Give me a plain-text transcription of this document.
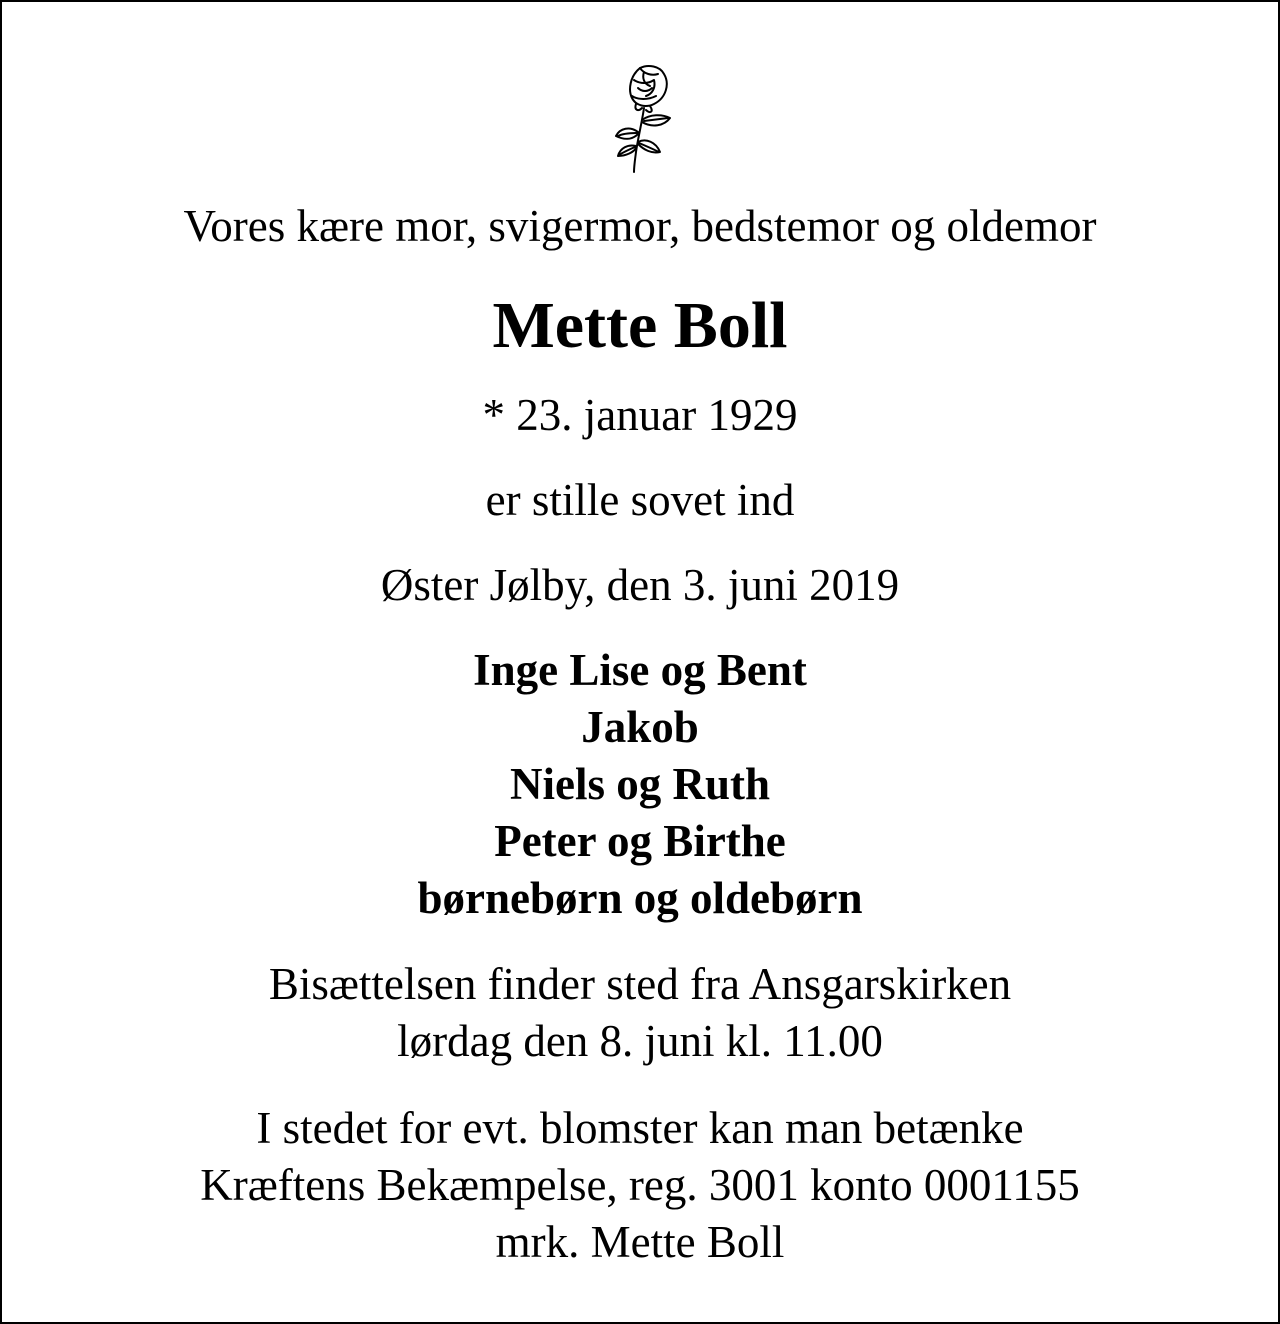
Vores kære mor, svigermor, bedstemor og oldemor

Mette Boll

* 23. januar 1929

er stille sovet ind

Øster Jølby, den 3. juni 2019

Inge Lise og Bent
Jakob
Niels og Ruth
Peter og Birthe
børnebørn og oldebørn
Bisættelsen finder sted fra Ansgarskirken
lørdag den 8. juni kl. 11.00
I stedet for evt. blomster kan man betænke
Kræftens Bekæmpelse, reg. 3001 konto 0001155
mrk. Mette Boll
